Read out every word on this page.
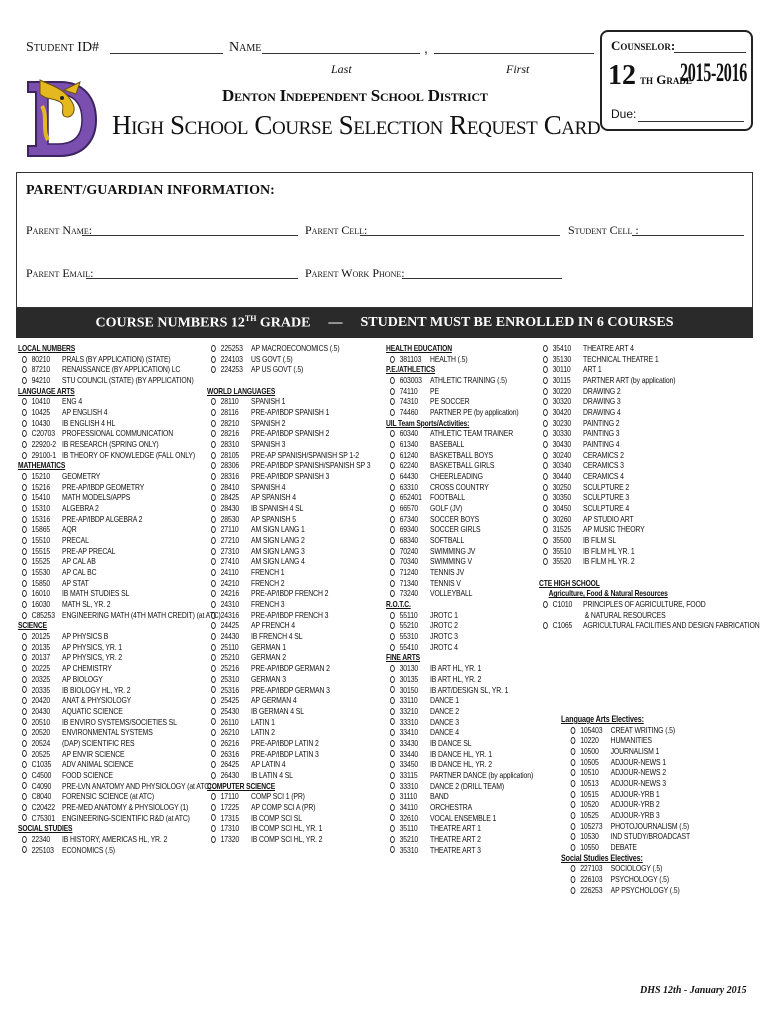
Student ID#	Name	,
Last	First
Denton Independent School District
High School Course Selection Request Card
Counselor:
12 th Grade
2015-2016
Due:
PARENT/GUARDIAN INFORMATION:
Parent Name:	Parent Cell:	Student Cell :
Parent Email:	Parent Work Phone:
COURSE NUMBERS 12TH GRADE — STUDENT MUST BE ENROLLED IN 6 COURSES
LOCAL NUMBERS
80210	PRALS (BY APPLICATION) (STATE)
87210	RENAISSANCE (BY APPLICATION) LC
94210	STU COUNCIL (STATE) (BY APPLICATION)
LANGUAGE ARTS
10410	ENG 4
10425	AP ENGLISH 4
10430	IB ENGLISH 4 HL
C20703 PROFESSIONAL COMMUNICATION
22920-2 IB RESEARCH (SPRING ONLY)
29100-1 IB THEORY OF KNOWLEDGE (FALL ONLY)
MATHEMATICS
15210	GEOMETRY
15216	PRE-AP/IBDP GEOMETRY
15410	MATH MODELS/APPS
15310	ALGEBRA 2
15316	PRE-AP/IBDP ALGEBRA 2
15865	AQR
15510	PRECAL
15515	PRE-AP PRECAL
15525	AP CAL AB
15530	AP CAL BC
15850	AP STAT
16010	IB MATH STUDIES SL
16030	MATH SL, YR. 2
C85253 ENGINEERING MATH (4TH MATH CREDIT) (at ATC)
SCIENCE
20125	AP PHYSICS B
20135	AP PHYSICS, YR. 1
20137	AP PHYSICS, YR. 2
20225	AP CHEMISTRY
20325	AP BIOLOGY
20335	IB BIOLOGY HL, YR. 2
20420	ANAT & PHYSIOLOGY
20430	AQUATIC SCIENCE
20510	IB ENVIRO SYSTEMS/SOCIETIES SL
20520	ENVIRONMENTAL SYSTEMS
20524	(DAP) SCIENTIFIC RES
20525	AP ENVIR SCIENCE
C1035	ADV ANIMAL SCIENCE
C4500	FOOD SCIENCE
C4090	PRE-LVN ANATOMY AND PHYSIOLOGY (at ATC)
C8040	FORENSIC SCIENCE (at ATC)
C20422 PRE-MED ANATOMY & PHYSIOLOGY (1)
C75301 ENGINEERING-SCIENTIFIC R&D (at ATC)
SOCIAL STUDIES
22340	IB HISTORY, AMERICAS HL, YR. 2
225103 ECONOMICS (.5)
225253 AP MACROECONOMICS (.5)
224103 US GOVT (.5)
224253 AP US GOVT (.5)
WORLD LANGUAGES
28110	SPANISH 1
28116	PRE-AP/IBDP SPANISH 1
28210	SPANISH 2
28216	PRE-AP/IBDP SPANISH 2
28310	SPANISH 3
28105	PRE-AP SPANISH/SPANISH SP 1-2
28306	PRE-AP/IBDP SPANISH/SPANISH SP 3
28316	PRE-AP/IBDP SPANISH 3
28410	SPANISH 4
28425	AP SPANISH 4
28430	IB SPANISH 4 SL
28530	AP SPANISH 5
27110	AM SIGN LANG 1
27210	AM SIGN LANG 2
27310	AM SIGN LANG 3
27410	AM SIGN LANG 4
24110	FRENCH 1
24210	FRENCH 2
24216	PRE-AP/IBDP FRENCH 2
24310	FRENCH 3
24316	PRE-AP/IBDP FRENCH 3
24425	AP FRENCH 4
24430	IB FRENCH 4 SL
25110	GERMAN 1
25210	GERMAN 2
25216	PRE-AP/IBDP GERMAN 2
25310	GERMAN 3
25316	PRE-AP/IBDP GERMAN 3
25425	AP GERMAN 4
25430	IB GERMAN 4 SL
26110	LATIN 1
26210	LATIN 2
26216	PRE-AP/IBDP LATIN 2
26316	PRE-AP/IBDP LATIN 3
26425	AP LATIN 4
26430	IB LATIN 4 SL
COMPUTER SCIENCE
17110	COMP SCI 1 (PR)
17225	AP COMP SCI A (PR)
17315	IB COMP SCI SL
17310	IB COMP SCI HL, YR. 1
17320	IB COMP SCI HL, YR. 2
HEALTH EDUCATION
381103	HEALTH (.5)
P.E./ATHLETICS
603003 ATHLETIC TRAINING (.5)
74110	PE
74310	PE SOCCER
74460	PARTNER PE (by application)
UIL Team Sports/Activities:
60340	ATHLETIC TEAM TRAINER
61340	BASEBALL
61240	BASKETBALL BOYS
62240	BASKETBALL GIRLS
64430	CHEERLEADING
63310	CROSS COUNTRY
652401 FOOTBALL
66570	GOLF (JV)
67340	SOCCER BOYS
69340	SOCCER GIRLS
68340	SOFTBALL
70240	SWIMMING JV
70340	SWIMMING V
71240	TENNIS JV
71340	TENNIS V
73240	VOLLEYBALL
R.O.T.C.
55110	JROTC 1
55210	JROTC 2
55310	JROTC 3
55410	JROTC 4
FINE ARTS
30130	IB ART HL, YR. 1
30135	IB ART HL, YR. 2
30150	IB ART/DESIGN SL, YR. 1
33110	DANCE 1
33210	DANCE 2
33310	DANCE 3
33410	DANCE 4
33430	IB DANCE SL
33440	IB DANCE HL, YR. 1
33450	IB DANCE HL, YR. 2
33115	PARTNER DANCE (by application)
33310	DANCE 2 (DRILL TEAM)
31110	BAND
34110	ORCHESTRA
32610	VOCAL ENSEMBLE 1
35110	THEATRE ART 1
35210	THEATRE ART 2
35310	THEATRE ART 3
35410	THEATRE ART 4
35130	TECHNICAL THEATRE 1
30110	ART 1
30115	PARTNER ART (by application)
30220	DRAWING 2
30320	DRAWING 3
30420	DRAWING 4
30230	PAINTING 2
30330	PAINTING 3
30430	PAINTING 4
30240	CERAMICS 2
30340	CERAMICS 3
30440	CERAMICS 4
30250	SCULPTURE 2
30350	SCULPTURE 3
30450	SCULPTURE 4
30260	AP STUDIO ART
31525	AP MUSIC THEORY
35500	IB FILM SL
35510	IB FILM HL YR. 1
35520	IB FILM HL YR. 2
CTE HIGH SCHOOL
Agriculture, Food & Natural Resources
C1010	PRINCIPLES OF AGRICULTURE, FOOD
& NATURAL RESOURCES
C1065	AGRICULTURAL FACILITIES AND DESIGN FABRICATION
Language Arts Electives:
105403 CREAT WRITING (.5)
10220	HUMANITIES
10500	JOURNALISM 1
10505	ADJOUR-NEWS 1
10510	ADJOUR-NEWS 2
10513	ADJOUR-NEWS 3
10515	ADJOUR-YRB 1
10520	ADJOUR-YRB 2
10525	ADJOUR-YRB 3
105273 PHOTOJOURNALISM (.5)
10530	IND STUDY/BROADCAST
10550	DEBATE
Social Studies Electives:
227103 SOCIOLOGY (.5)
226103 PSYCHOLOGY (.5)
226253 AP PSYCHOLOGY (.5)
DHS 12th - January 2015
